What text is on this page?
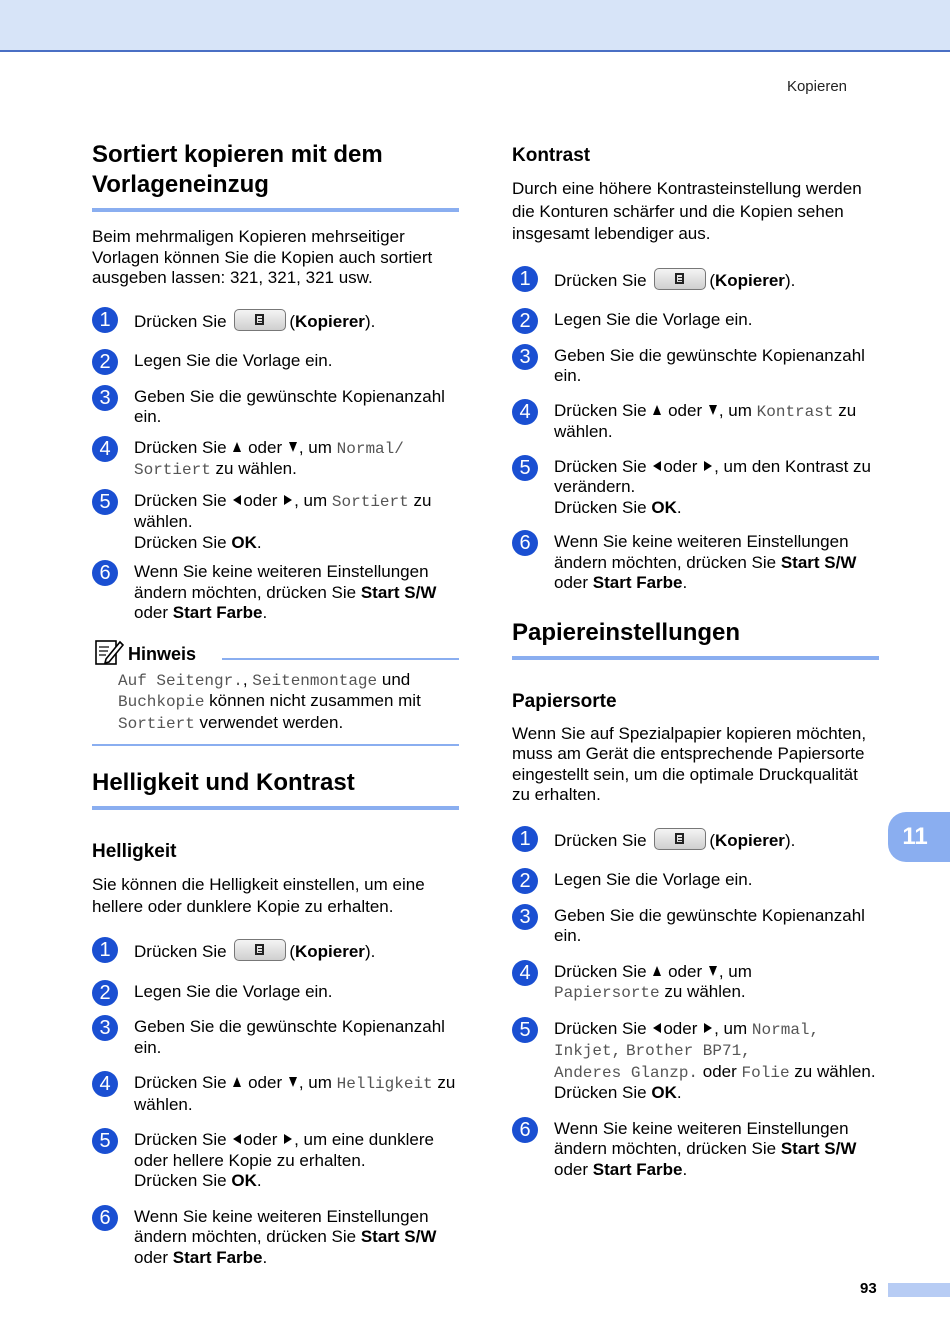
Kopieren
Sortiert kopieren mit dem Vorlageneinzug

Beim mehrmaligen Kopieren mehrseitiger Vorlagen können Sie die Kopien auch sortiert ausgeben lassen: 321, 321, 321 usw.

1	Drücken Sie	(Kopierer).
2	Legen Sie die Vorlage ein.
3	Geben Sie die gewünschte Kopienanzahl ein.
4	Drücken Sie oder , um Normal/ Sortiert zu wählen.
5	Drücken Sie oder , um Sortiert zu wählen.
Drücken Sie OK.
6	Wenn Sie keine weiteren Einstellungen ändern möchten, drücken Sie Start S/W oder Start Farbe.
Hinweis

Auf Seitengr., Seitenmontage und Buchkopie können nicht zusammen mit Sortiert verwendet werden.

Helligkeit und Kontrast
Helligkeit

Sie können die Helligkeit einstellen, um eine hellere oder dunklere Kopie zu erhalten.

1	Drücken Sie	(Kopierer).
2	Legen Sie die Vorlage ein.
3	Geben Sie die gewünschte Kopienanzahl ein.
4	Drücken Sie oder , um Helligkeit zu wählen.
5	Drücken Sie oder , um eine dunklere oder hellere Kopie zu erhalten.
Drücken Sie OK.
6	Wenn Sie keine weiteren Einstellungen ändern möchten, drücken Sie Start S/W oder Start Farbe.
Kontrast

Durch eine höhere Kontrasteinstellung werden die Konturen schärfer und die Kopien sehen insgesamt lebendiger aus.

1	Drücken Sie	(Kopierer).
2	Legen Sie die Vorlage ein.
3	Geben Sie die gewünschte Kopienanzahl ein.
4	Drücken Sie oder , um Kontrast zu wählen.
5	Drücken Sie oder , um den Kontrast zu verändern.
Drücken Sie OK.
6	Wenn Sie keine weiteren Einstellungen ändern möchten, drücken Sie Start S/W oder Start Farbe.
Papiereinstellungen
Papiersorte

Wenn Sie auf Spezialpapier kopieren möchten, muss am Gerät die entsprechende Papiersorte eingestellt sein, um die optimale Druckqualität zu erhalten.

1	Drücken Sie	(Kopierer).
2	Legen Sie die Vorlage ein.
3	Geben Sie die gewünschte Kopienanzahl ein.
4	Drücken Sie oder , um
Papiersorte zu wählen.
5	Drücken Sie oder , um Normal,
Inkjet, Brother BP71,
Anderes Glanzp. oder Folie zu wählen.
Drücken Sie OK.
6	Wenn Sie keine weiteren Einstellungen ändern möchten, drücken Sie Start S/W oder Start Farbe.
11
93
